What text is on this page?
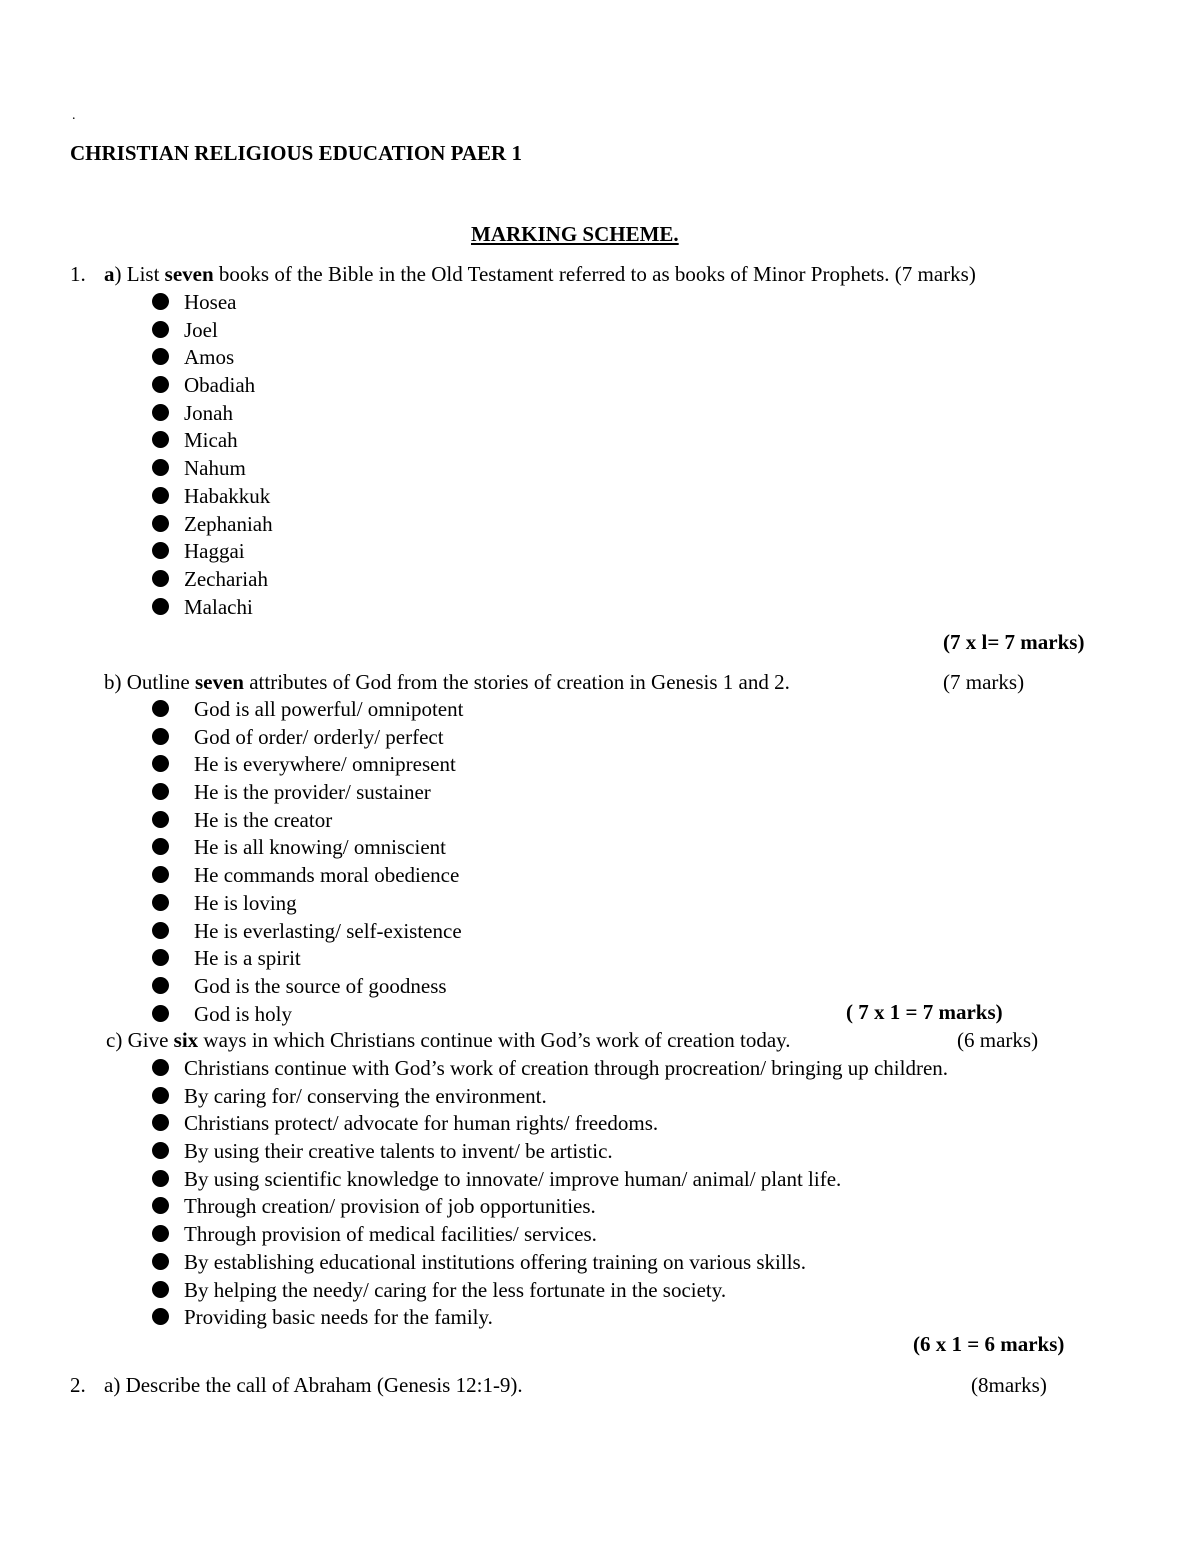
.
CHRISTIAN RELIGIOUS EDUCATION PAER 1
MARKING SCHEME.
1. a) List seven books of the Bible in the Old Testament referred to as books of Minor Prophets. (7 marks)
Hosea
Joel
Amos
Obadiah
Jonah
Micah
Nahum
Habakkuk
Zephaniah
Haggai
Zechariah
Malachi
(7 x l= 7 marks)
b) Outline seven attributes of God from the stories of creation in Genesis 1 and 2.	(7 marks)
God is all powerful/ omnipotent
God of order/ orderly/ perfect
He is everywhere/ omnipresent
He is the provider/ sustainer
He is the creator
He is all knowing/ omniscient
He commands moral obedience
He is loving
He is everlasting/ self-existence
He is a spirit
God is the source of goodness
God is holy	( 7 x 1 = 7 marks)
c) Give six ways in which Christians continue with God’s work of creation today.	(6 marks)
Christians continue with God’s work of creation through procreation/ bringing up children.
By caring for/ conserving the environment.
Christians protect/ advocate for human rights/ freedoms.
By using their creative talents to invent/ be artistic.
By using scientific knowledge to innovate/ improve human/ animal/ plant life.
Through creation/ provision of job opportunities.
Through provision of medical facilities/ services.
By establishing educational institutions offering training on various skills.
By helping the needy/ caring for the less fortunate in the society.
Providing basic needs for the family.
(6 x 1 = 6 marks)
2. a) Describe the call of Abraham (Genesis 12:1-9).	(8marks)
